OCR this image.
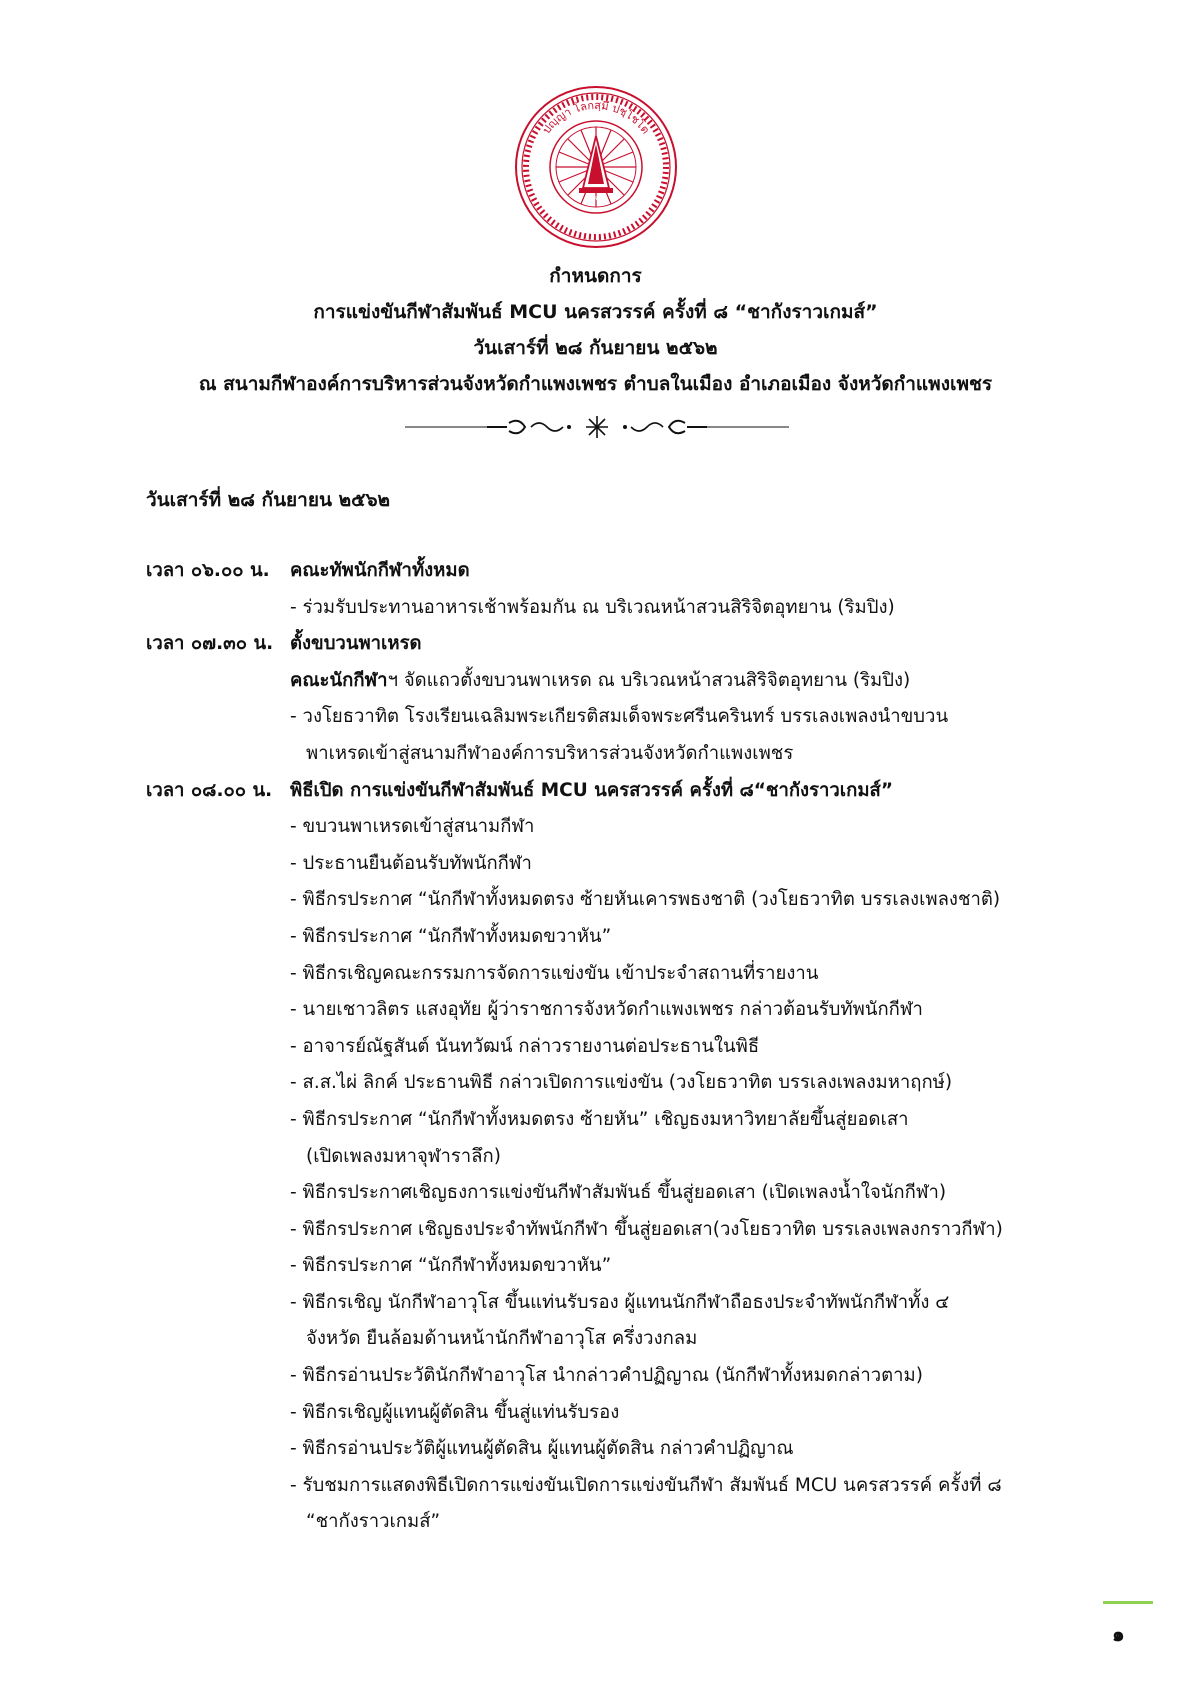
ปญฺญา โลกสฺมึ ปชฺโชโต
มจร
กำหนดการ
การแข่งขันกีฬาสัมพันธ์ MCU นครสวรรค์ ครั้งที่ ๘ “ชากังราวเกมส์”
วันเสาร์ที่ ๒๘ กันยายน ๒๕๖๒
ณ สนามกีฬาองค์การบริหารส่วนจังหวัดกำแพงเพชร ตำบลในเมือง อำเภอเมือง จังหวัดกำแพงเพชร
วันเสาร์ที่ ๒๘ กันยายน ๒๕๖๒
เวลา ๐๖.๐๐ น. คณะทัพนักกีฬาทั้งหมด
- ร่วมรับประทานอาหารเช้าพร้อมกัน ณ บริเวณหน้าสวนสิริจิตอุทยาน (ริมปิง)
เวลา ๐๗.๓๐ น. ตั้งขบวนพาเหรด
คณะนักกีฬาฯ จัดแถวตั้งขบวนพาเหรด ณ บริเวณหน้าสวนสิริจิตอุทยาน (ริมปิง)
- วงโยธวาทิต โรงเรียนเฉลิมพระเกียรติสมเด็จพระศรีนครินทร์ บรรเลงเพลงนำขบวน
พาเหรดเข้าสู่สนามกีฬาองค์การบริหารส่วนจังหวัดกำแพงเพชร
เวลา ๐๘.๐๐ น. พิธีเปิด การแข่งขันกีฬาสัมพันธ์ MCU นครสวรรค์ ครั้งที่ ๘“ชากังราวเกมส์”
- ขบวนพาเหรดเข้าสู่สนามกีฬา
- ประธานยืนต้อนรับทัพนักกีฬา
- พิธีกรประกาศ “นักกีฬาทั้งหมดตรง ซ้ายหันเคารพธงชาติ (วงโยธวาทิต บรรเลงเพลงชาติ)
- พิธีกรประกาศ “นักกีฬาทั้งหมดขวาหัน”
- พิธีกรเชิญคณะกรรมการจัดการแข่งขัน เข้าประจำสถานที่รายงาน
- นายเชาวลิตร แสงอุทัย ผู้ว่าราชการจังหวัดกำแพงเพชร กล่าวต้อนรับทัพนักกีฬา
- อาจารย์ณัฐสันต์ นันทวัฒน์ กล่าวรายงานต่อประธานในพิธี
- ส.ส.ไผ่ ลิกค์ ประธานพิธี กล่าวเปิดการแข่งขัน (วงโยธวาทิต บรรเลงเพลงมหาฤกษ์)
- พิธีกรประกาศ “นักกีฬาทั้งหมดตรง ซ้ายหัน” เชิญธงมหาวิทยาลัยขึ้นสู่ยอดเสา
(เปิดเพลงมหาจุฬาราลึก)
- พิธีกรประกาศเชิญธงการแข่งขันกีฬาสัมพันธ์ ขึ้นสู่ยอดเสา (เปิดเพลงน้ำใจนักกีฬา)
- พิธีกรประกาศ เชิญธงประจำทัพนักกีฬา ขึ้นสู่ยอดเสา(วงโยธวาทิต บรรเลงเพลงกราวกีฬา)
- พิธีกรประกาศ “นักกีฬาทั้งหมดขวาหัน”
- พิธีกรเชิญ นักกีฬาอาวุโส ขึ้นแท่นรับรอง ผู้แทนนักกีฬาถือธงประจำทัพนักกีฬาทั้ง ๔
จังหวัด ยืนล้อมด้านหน้านักกีฬาอาวุโส ครึ่งวงกลม
- พิธีกรอ่านประวัตินักกีฬาอาวุโส นำกล่าวคำปฏิญาณ (นักกีฬาทั้งหมดกล่าวตาม)
- พิธีกรเชิญผู้แทนผู้ตัดสิน ขึ้นสู่แท่นรับรอง
- พิธีกรอ่านประวัติผู้แทนผู้ตัดสิน ผู้แทนผู้ตัดสิน กล่าวคำปฏิญาณ
- รับชมการแสดงพิธีเปิดการแข่งขันเปิดการแข่งขันกีฬา สัมพันธ์ MCU นครสวรรค์ ครั้งที่ ๘
“ชากังราวเกมส์”
๑
